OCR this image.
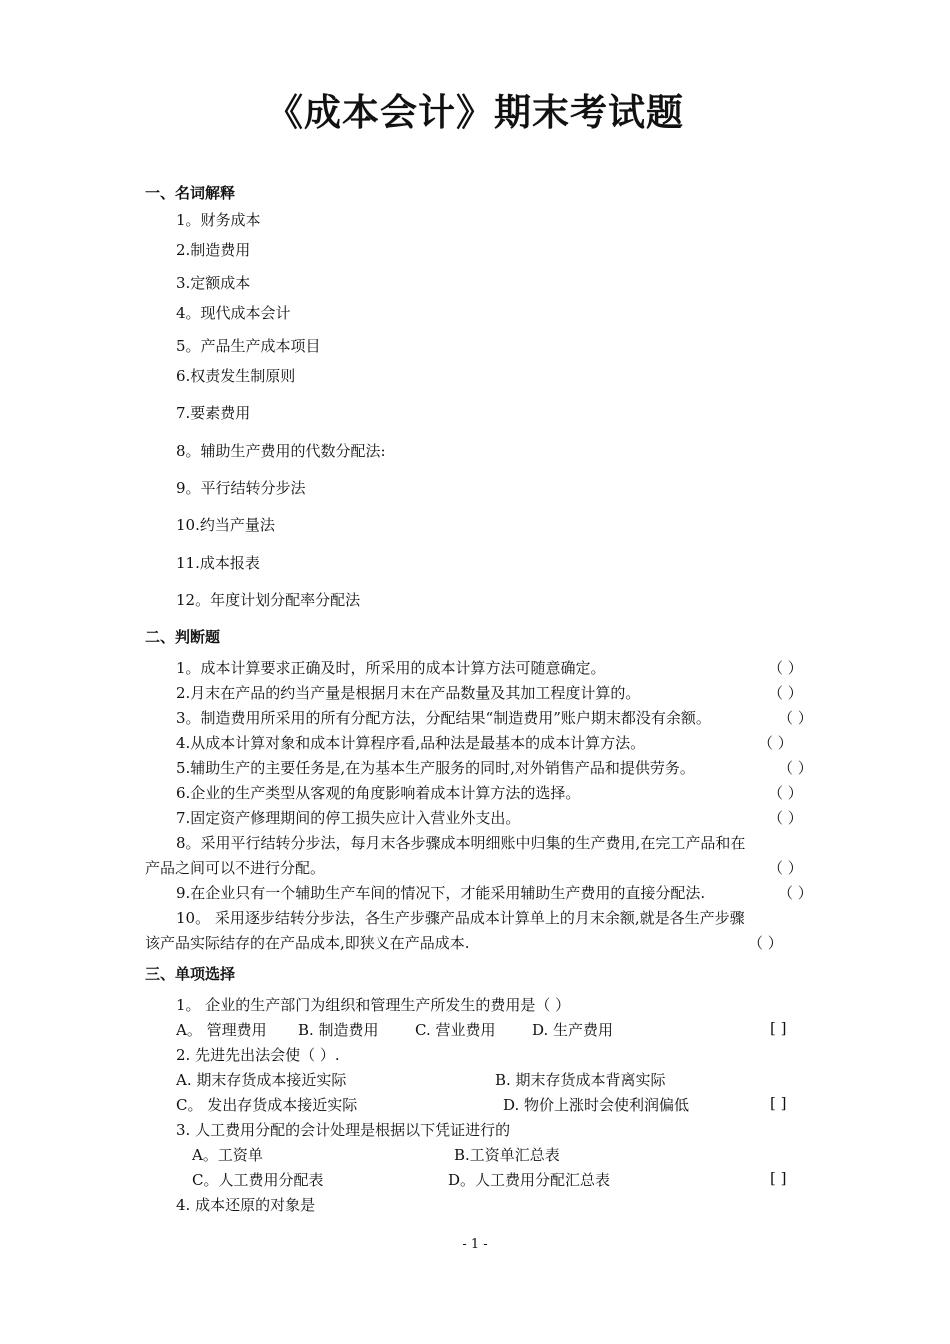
《成本会计》期末考试题
一、名词解释
1。财务成本
2.制造费用
3.定额成本
4。现代成本会计
5。产品生产成本项目
6.权责发生制原则
7.要素费用
8。辅助生产费用的代数分配法:
9。平行结转分步法
10.约当产量法
11.成本报表
12。年度计划分配率分配法
二、判断题
1。成本计算要求正确及时，所采用的成本计算方法可随意确定。	（ ）
2.月末在产品的约当产量是根据月末在产品数量及其加工程度计算的。	（ ）
3。制造费用所采用的所有分配方法，分配结果“制造费用”账户期末都没有余额。	（ ）
4.从成本计算对象和成本计算程序看,品种法是最基本的成本计算方法。	（ ）
5.辅助生产的主要任务是,在为基本生产服务的同时,对外销售产品和提供劳务。	（ ）
6.企业的生产类型从客观的角度影响着成本计算方法的选择。	（ ）
7.固定资产修理期间的停工损失应计入营业外支出。	（ ）
8。采用平行结转分步法，每月末各步骤成本明细账中归集的生产费用,在完工产品和在
产品之间可以不进行分配。	（ ）
9.在企业只有一个辅助生产车间的情况下，才能采用辅助生产费用的直接分配法.	（ ）
10。 采用逐步结转分步法，各生产步骤产品成本计算单上的月末余额,就是各生产步骤
该产品实际结存的在产品成本,即狭义在产品成本.	（ ）
三、单项选择
1。 企业的生产部门为组织和管理生产所发生的费用是（ ）
A。 管理费用 B. 制造费用 C. 营业费用 D. 生产费用	[ ]
2. 先进先出法会使（ ）.
A. 期末存货成本接近实际	B. 期末存货成本背离实际
C。 发出存货成本接近实际	D. 物价上涨时会使利润偏低	[ ]
3. 人工费用分配的会计处理是根据以下凭证进行的
A。工资单	B.工资单汇总表
C。人工费用分配表	D。人工费用分配汇总表	[ ]
4. 成本还原的对象是
- 1 -
